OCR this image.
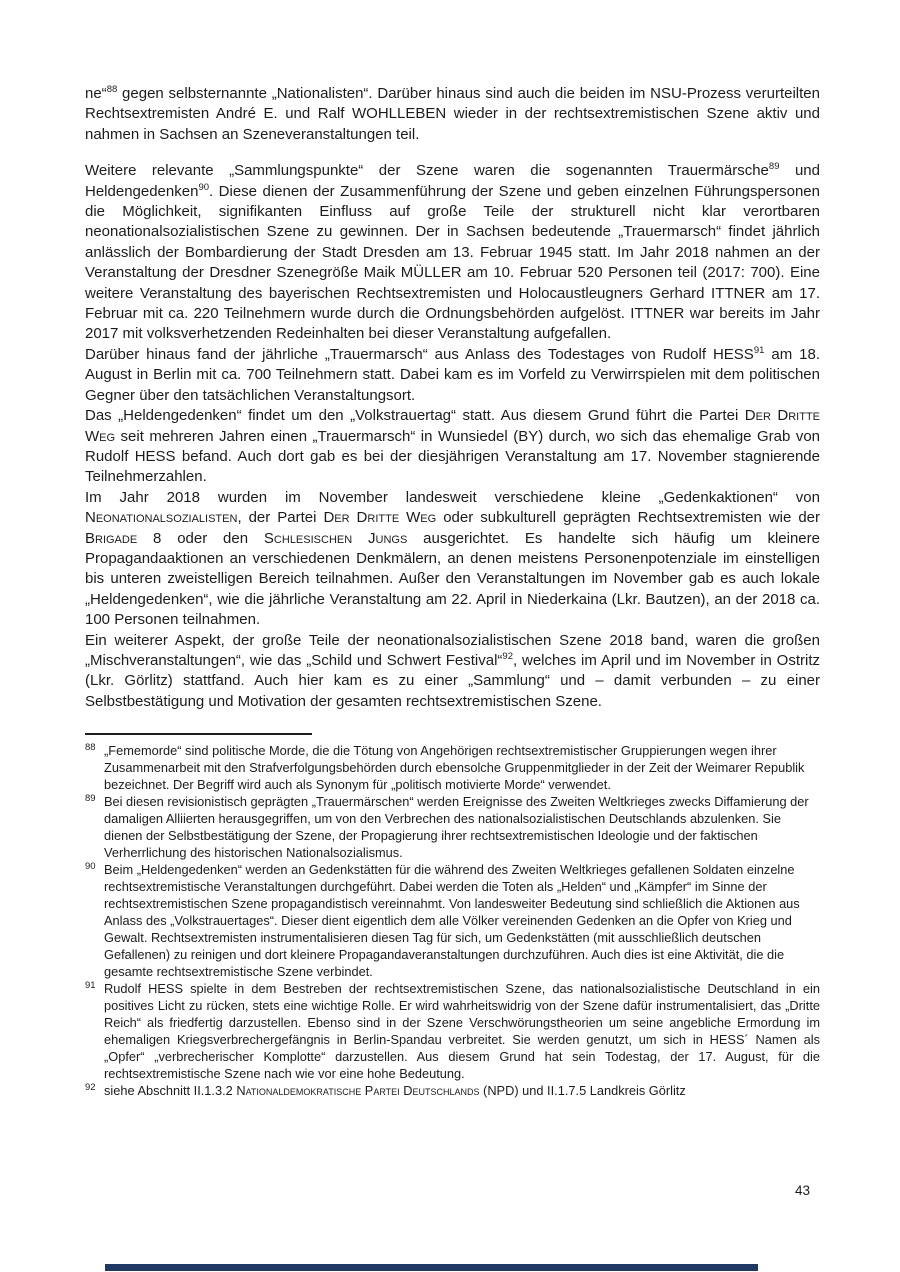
ne“$^{88}$ gegen selbsternannte „Nationalisten“. Darüber hinaus sind auch die beiden im NSU-Prozess verurteilten Rechtsextremisten André E. und Ralf WOHLLEBEN wieder in der rechtsextremistischen Szene aktiv und nahmen in Sachsen an Szeneveranstaltungen teil.

Weitere relevante „Sammlungspunkte“ der Szene waren die sogenannten Trauermärsche$^{89}$ und Heldengedenken$^{90}$. Diese dienen der Zusammenführung der Szene und geben einzelnen Führungspersonen die Möglichkeit, signifikanten Einfluss auf große Teile der strukturell nicht klar verortbaren neonationalsozialistischen Szene zu gewinnen. Der in Sachsen bedeutende „Trauermarsch“ findet jährlich anlässlich der Bombardierung der Stadt Dresden am 13. Februar 1945 statt. Im Jahr 2018 nahmen an der Veranstaltung der Dresdner Szenegröße Maik MÜLLER am 10. Februar 520 Personen teil (2017: 700). Eine weitere Veranstaltung des bayerischen Rechtsextremisten und Holocaustleugners Gerhard ITTNER am 17. Februar mit ca. 220 Teilnehmern wurde durch die Ordnungsbehörden aufgelöst. ITTNER war bereits im Jahr 2017 mit volksverhetzenden Redeinhalten bei dieser Veranstaltung aufgefallen.

Darüber hinaus fand der jährliche „Trauermarsch“ aus Anlass des Todestages von Rudolf HESS$^{91}$ am 18. August in Berlin mit ca. 700 Teilnehmern statt. Dabei kam es im Vorfeld zu Verwirrspielen mit dem politischen Gegner über den tatsächlichen Veranstaltungsort.

Das „Heldengedenken“ findet um den „Volkstrauertag“ statt. Aus diesem Grund führt die Partei Der Dritte Weg seit mehreren Jahren einen „Trauermarsch“ in Wunsiedel (BY) durch, wo sich das ehemalige Grab von Rudolf HESS befand. Auch dort gab es bei der diesjährigen Veranstaltung am 17. November stagnierende Teilnehmerzahlen.

Im Jahr 2018 wurden im November landesweit verschiedene kleine „Gedenkaktionen“ von Neonationalsozialisten, der Partei Der Dritte Weg oder subkulturell geprägten Rechtsextremisten wie der Brigade 8 oder den Schlesischen Jungs ausgerichtet. Es handelte sich häufig um kleinere Propagandaaktionen an verschiedenen Denkmälern, an denen meistens Personenpotenziale im einstelligen bis unteren zweistelligen Bereich teilnahmen. Außer den Veranstaltungen im November gab es auch lokale „Heldengedenken“, wie die jährliche Veranstaltung am 22. April in Niederkaina (Lkr. Bautzen), an der 2018 ca. 100 Personen teilnahmen.

Ein weiterer Aspekt, der große Teile der neonationalsozialistischen Szene 2018 band, waren die großen „Mischveranstaltungen“, wie das „Schild und Schwert Festival“$^{92}$, welches im April und im November in Ostritz (Lkr. Görlitz) stattfand. Auch hier kam es zu einer „Sammlung“ und – damit verbunden – zu einer Selbstbestätigung und Motivation der gesamten rechtsextremistischen Szene.

88 „Fememorde“ sind politische Morde, die die Tötung von Angehörigen rechtsextremistischer Gruppierungen wegen ihrer Zusammenarbeit mit den Strafverfolgungsbehörden durch ebensolche Gruppenmitglieder in der Zeit der Weimarer Republik bezeichnet. Der Begriff wird auch als Synonym für „politisch motivierte Morde“ verwendet.
89 Bei diesen revisionistisch geprägten „Trauermärschen“ werden Ereignisse des Zweiten Weltkrieges zwecks Diffamierung der damaligen Alliierten herausgegriffen, um von den Verbrechen des nationalsozialistischen Deutschlands abzulenken. Sie dienen der Selbstbestätigung der Szene, der Propagierung ihrer rechtsextremistischen Ideologie und der faktischen Verherrlichung des historischen Nationalsozialismus.
90 Beim „Heldengedenken“ werden an Gedenkstätten für die während des Zweiten Weltkrieges gefallenen Soldaten einzelne rechtsextremistische Veranstaltungen durchgeführt. Dabei werden die Toten als „Helden“ und „Kämpfer“ im Sinne der rechtsextremistischen Szene propagandistisch vereinnahmt. Von landesweiter Bedeutung sind schließlich die Aktionen aus Anlass des „Volkstrauertages“. Dieser dient eigentlich dem alle Völker vereinenden Gedenken an die Opfer von Krieg und Gewalt. Rechtsextremisten instrumentalisieren diesen Tag für sich, um Gedenkstätten (mit ausschließlich deutschen Gefallenen) zu reinigen und dort kleinere Propagandaveranstaltungen durchzuführen. Auch dies ist eine Aktivität, die die gesamte rechtsextremistische Szene verbindet.
91 Rudolf HESS spielte in dem Bestreben der rechtsextremistischen Szene, das nationalsozialistische Deutschland in ein positives Licht zu rücken, stets eine wichtige Rolle. Er wird wahrheitswidrig von der Szene dafür instrumentalisiert, das „Dritte Reich“ als friedfertig darzustellen. Ebenso sind in der Szene Verschwörungstheorien um seine angebliche Ermordung im ehemaligen Kriegsverbrechergefängnis in Berlin-Spandau verbreitet. Sie werden genutzt, um sich in HESS´ Namen als „Opfer“ „verbrecherischer Komplotte“ darzustellen. Aus diesem Grund hat sein Todestag, der 17. August, für die rechtsextremistische Szene nach wie vor eine hohe Bedeutung.
92 siehe Abschnitt II.1.3.2 Nationaldemokratische Partei Deutschlands (NPD) und II.1.7.5 Landkreis Görlitz
43
